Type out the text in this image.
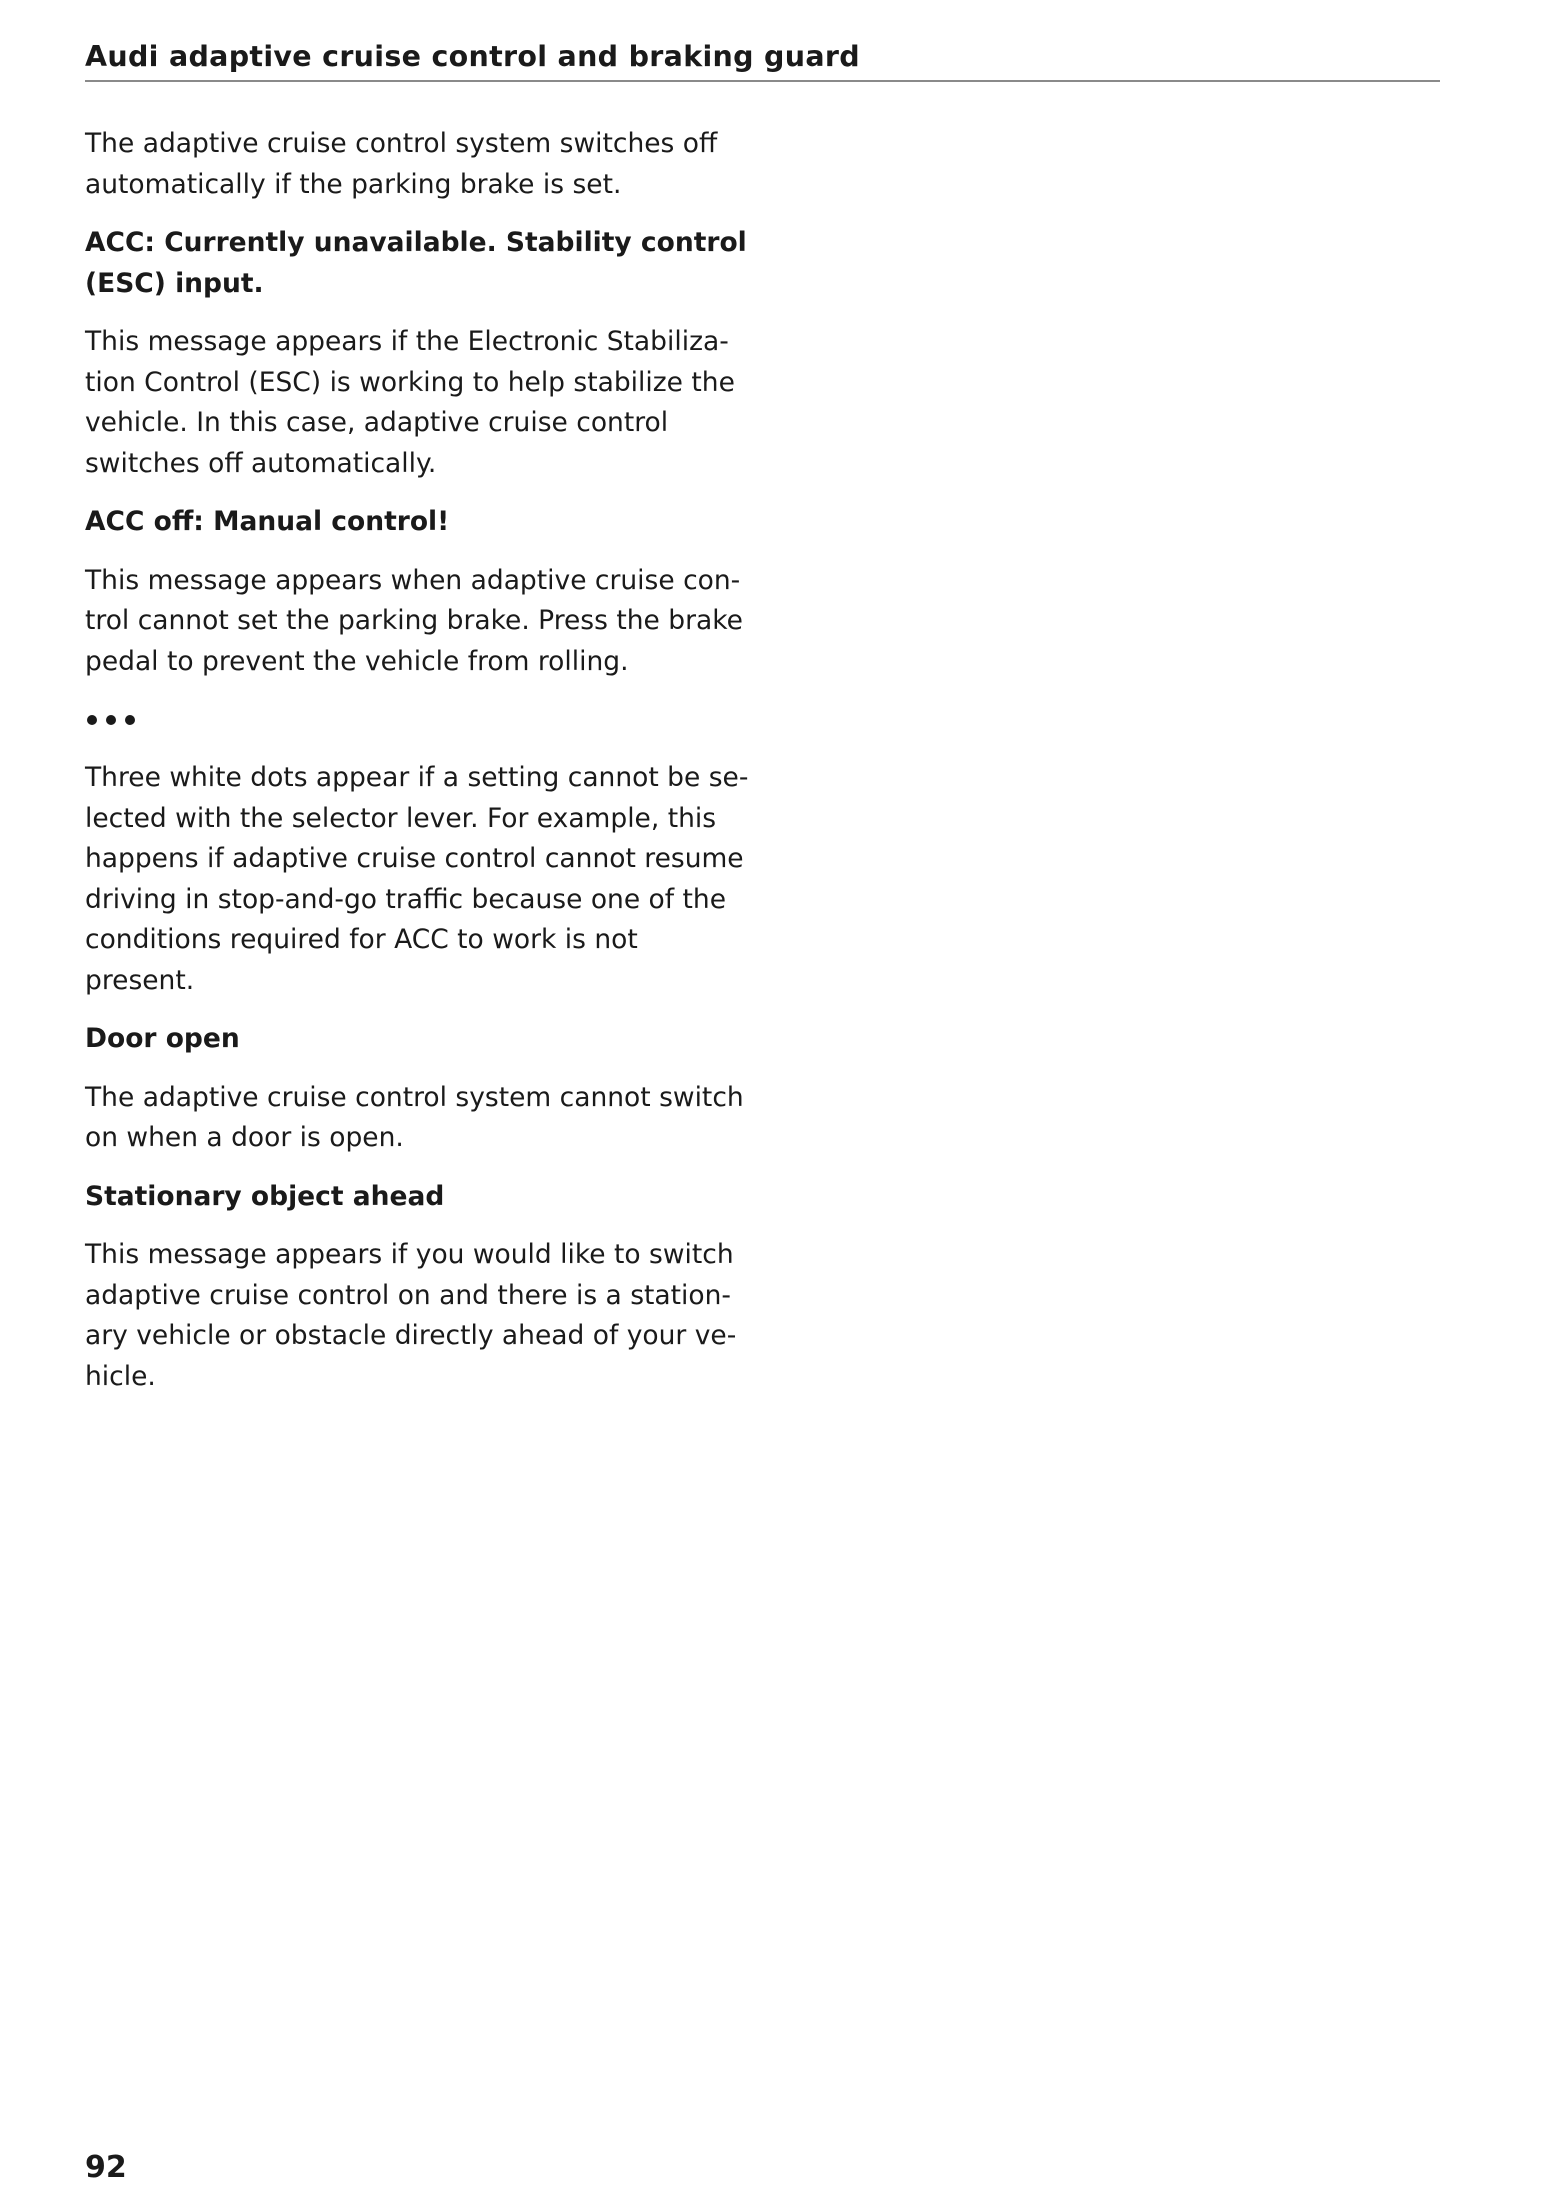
Audi adaptive cruise control and braking guard
The adaptive cruise control system switches off
automatically if the parking brake is set.
ACC: Currently unavailable. Stability control
(ESC) input.
This message appears if the Electronic Stabiliza-
tion Control (ESC) is working to help stabilize the
vehicle. In this case, adaptive cruise control
switches off automatically.
ACC off: Manual control!
This message appears when adaptive cruise con-
trol cannot set the parking brake. Press the brake
pedal to prevent the vehicle from rolling.
Three white dots appear if a setting cannot be se-
lected with the selector lever. For example, this
happens if adaptive cruise control cannot resume
driving in stop-and-go traffic because one of the
conditions required for ACC to work is not
present.
Door open
The adaptive cruise control system cannot switch
on when a door is open.
Stationary object ahead
This message appears if you would like to switch
adaptive cruise control on and there is a station-
ary vehicle or obstacle directly ahead of your ve-
hicle.
92
